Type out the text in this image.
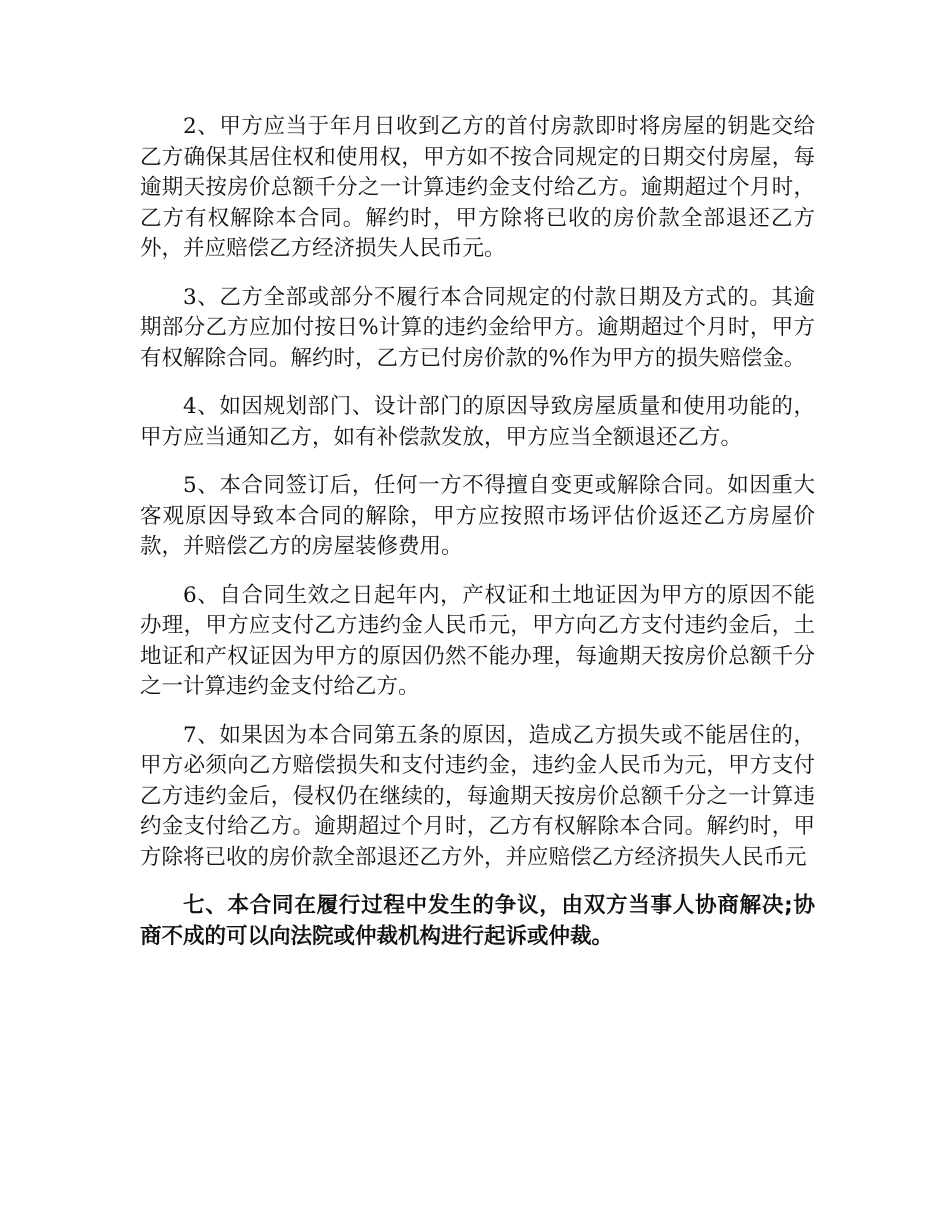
2、甲方应当于年月日收到乙方的首付房款即时将房屋的钥匙交给乙方确保其居住权和使用权，甲方如不按合同规定的日期交付房屋，每逾期天按房价总额千分之一计算违约金支付给乙方。逾期超过个月时，乙方有权解除本合同。解约时，甲方除将已收的房价款全部退还乙方外，并应赔偿乙方经济损失人民币元。

3、乙方全部或部分不履行本合同规定的付款日期及方式的。其逾期部分乙方应加付按日%计算的违约金给甲方。逾期超过个月时，甲方有权解除合同。解约时，乙方已付房价款的%作为甲方的损失赔偿金。

4、如因规划部门、设计部门的原因导致房屋质量和使用功能的，甲方应当通知乙方，如有补偿款发放，甲方应当全额退还乙方。

5、本合同签订后，任何一方不得擅自变更或解除合同。如因重大客观原因导致本合同的解除，甲方应按照市场评估价返还乙方房屋价款，并赔偿乙方的房屋装修费用。

6、自合同生效之日起年内，产权证和土地证因为甲方的原因不能办理，甲方应支付乙方违约金人民币元，甲方向乙方支付违约金后，土地证和产权证因为甲方的原因仍然不能办理，每逾期天按房价总额千分之一计算违约金支付给乙方。

7、如果因为本合同第五条的原因，造成乙方损失或不能居住的，甲方必须向乙方赔偿损失和支付违约金，违约金人民币为元，甲方支付乙方违约金后，侵权仍在继续的，每逾期天按房价总额千分之一计算违约金支付给乙方。逾期超过个月时，乙方有权解除本合同。解约时，甲方除将已收的房价款全部退还乙方外，并应赔偿乙方经济损失人民币元

七、本合同在履行过程中发生的争议，由双方当事人协商解决;协商不成的可以向法院或仲裁机构进行起诉或仲裁。
